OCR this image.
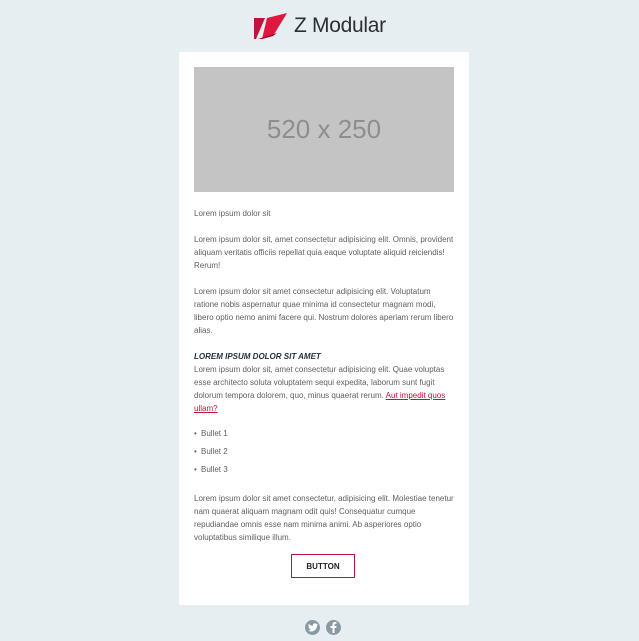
Z Modular
520 x 250

Lorem ipsum dolor sit

Lorem ipsum dolor sit, amet consectetur adipisicing elit. Omnis, provident aliquam veritatis officiis repellat quia eaque voluptate aliquid reiciendis! Rerum!

Lorem ipsum dolor sit amet consectetur adipisicing elit. Voluptatum ratione nobis aspernatur quae minima id consectetur magnam modi, libero optio nemo animi facere qui. Nostrum dolores aperiam rerum libero alias.

LOREM IPSUM DOLOR SIT AMET

Lorem ipsum dolor sit, amet consectetur adipisicing elit. Quae voluptas esse architecto soluta voluptatem sequi expedita, laborum sunt fugit dolorum tempora dolorem, quo, minus quaerat rerum. Aut impedit quos ullam?

• Bullet 1
• Bullet 2
• Bullet 3

Lorem ipsum dolor sit amet consectetur, adipisicing elit. Molestiae tenetur nam quaerat aliquam magnam odit quis! Consequatur cumque repudiandae omnis esse nam minima animi. Ab asperiores optio voluptatibus similique illum.

BUTTON
